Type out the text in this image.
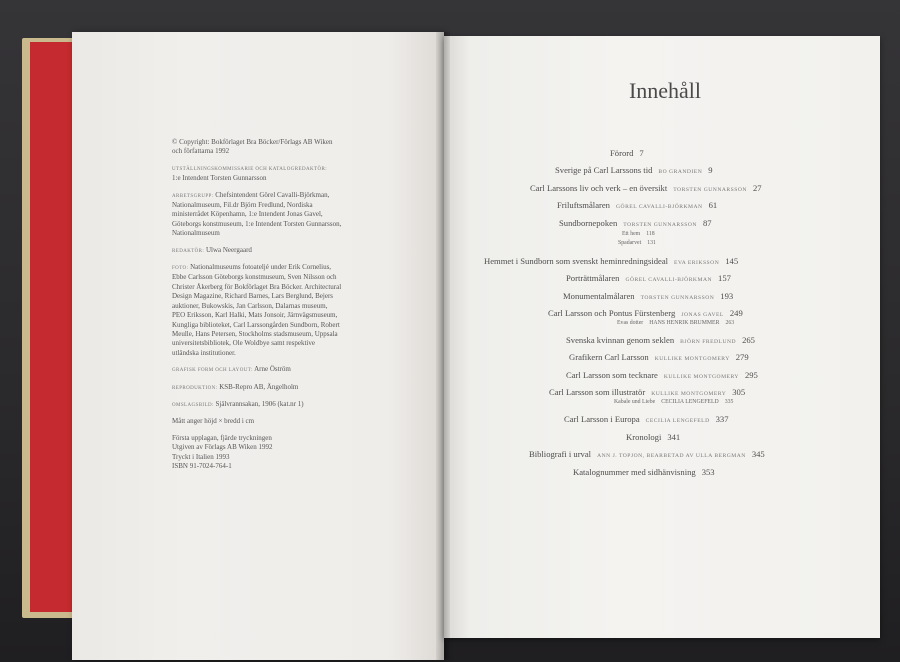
© Copyright: Bokförlaget Bra Böcker/Förlags AB Wiken och författarna 1992

UTSTÄLLNINGSKOMMISSARIE OCH KATALOGREDAKTÖR:
1:e Intendent Torsten Gunnarsson

ARBETSGRUPP: Chefsintendent Görel Cavalli-Björkman, Nationalmuseum, Fil.dr Björn Fredlund, Nordiska ministerrådet Köpenhamn, 1:e Intendent Jonas Gavel, Göteborgs konstmuseum, 1:e Intendent Torsten Gunnarsson, Nationalmuseum

REDAKTÖR: Ulwa Neergaard

FOTO: Nationalmuseums fotoateljé under Erik Cornelius, Ebbe Carlsson Göteborgs konstmuseum, Sven Nilsson och Christer Åkerberg för Bokförlaget Bra Böcker. Architectural Design Magazine, Richard Barnes, Lars Berglund, Bejers auktioner, Bukowskis, Jan Carlsson, Dalarnas museum, PEO Eriksson, Karl Halki, Mats Jonsoir, Järnvägsmuseum, Kungliga biblioteket, Carl Larssongården Sundborn, Robert Meulle, Hans Petersen, Stockholms stadsmuseum, Uppsala universitetsbibliotek, Ole Woldbye samt respektive utländska institutioner.

GRAFISK FORM OCH LAYOUT: Arne Öström

REPRODUKTION: KSB-Repro AB, Ängelholm

OMSLAGSBILD: Självrannsakan, 1906 (kat.nr 1)

Mått anger höjd × bredd i cm

Första upplagan, fjärde tryckningen
Utgiven av Förlags AB Wiken 1992
Tryckt i Italien 1993
ISBN 91-7024-764-1

Innehåll
Förord 7
Sverige på Carl Larssons tid BO GRANDIEN 9
Carl Larssons liv och verk – en översikt TORSTEN GUNNARSSON 27
Friluftsmålaren GÖREL CAVALLI-BJÖRKMAN 61
Sundbornepoken TORSTEN GUNNARSSON 87
Ett hem 118
Spadarvet 131
Hemmet i Sundborn som svenskt heminredningsideal EVA ERIKSSON 145
Porträttmålaren GÖREL CAVALLI-BJÖRKMAN 157
Monumentalmålaren TORSTEN GUNNARSSON 193
Carl Larsson och Pontus Fürstenberg JONAS GAVEL 249
Evas dotter HANS HENRIK BRUMMER 263
Svenska kvinnan genom seklen BJÖRN FREDLUND 265
Grafikern Carl Larsson KULLIKE MONTGOMERY 279
Carl Larsson som tecknare KULLIKE MONTGOMERY 295
Carl Larsson som illustratör KULLIKE MONTGOMERY 305
Kabale und Liebe CECILIA LENGEFELD 335
Carl Larsson i Europa CECILIA LENGEFELD 337
Kronologi 341
Bibliografi i urval ANN J. TOPJON, BEARBETAD AV ULLA BERGMAN 345
Katalognummer med sidhänvisning 353
